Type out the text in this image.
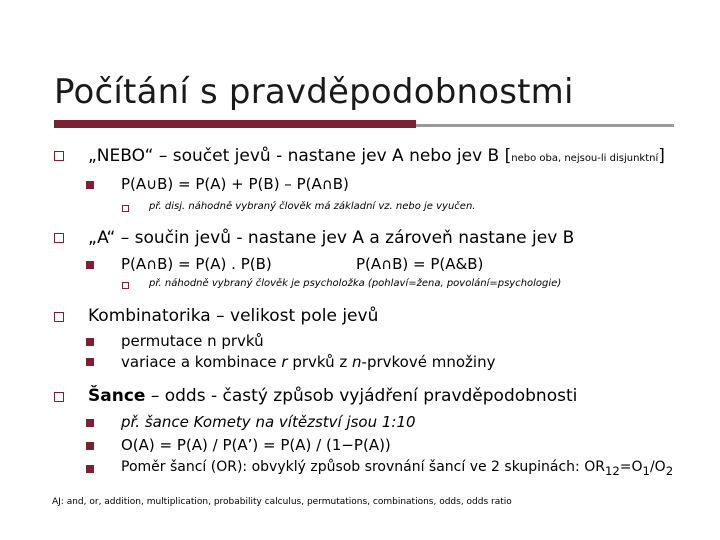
Počítání s pravděpodobnostmi
„NEBO“ – součet jevů - nastane jev A nebo jev B [nebo oba, nejsou-li disjunktní]
P(A∪B) = P(A) + P(B) – P(A∩B)
př. disj. náhodně vybraný člověk má základní vz. nebo je vyučen.
„A“ – součin jevů - nastane jev A a zároveň nastane jev B
P(A∩B) = P(A) . P(B)	P(A∩B) = P(A&B)
př. náhodně vybraný člověk je psycholožka (pohlaví=žena, povolání=psychologie)
Kombinatorika – velikost pole jevů
permutace n prvků
variace a kombinace r prvků z n-prvkové množiny
Šance – odds - častý způsob vyjádření pravděpodobnosti
př. šance Komety na vítězství jsou 1:10
O(A) = P(A) / P(A’) = P(A) / (1−P(A))
Poměr šancí (OR): obvyklý způsob srovnání šancí ve 2 skupinách: $OR_{12}=O_1/O_2$
AJ: and, or, addition, multiplication, probability calculus, permutations, combinations, odds, odds ratio
